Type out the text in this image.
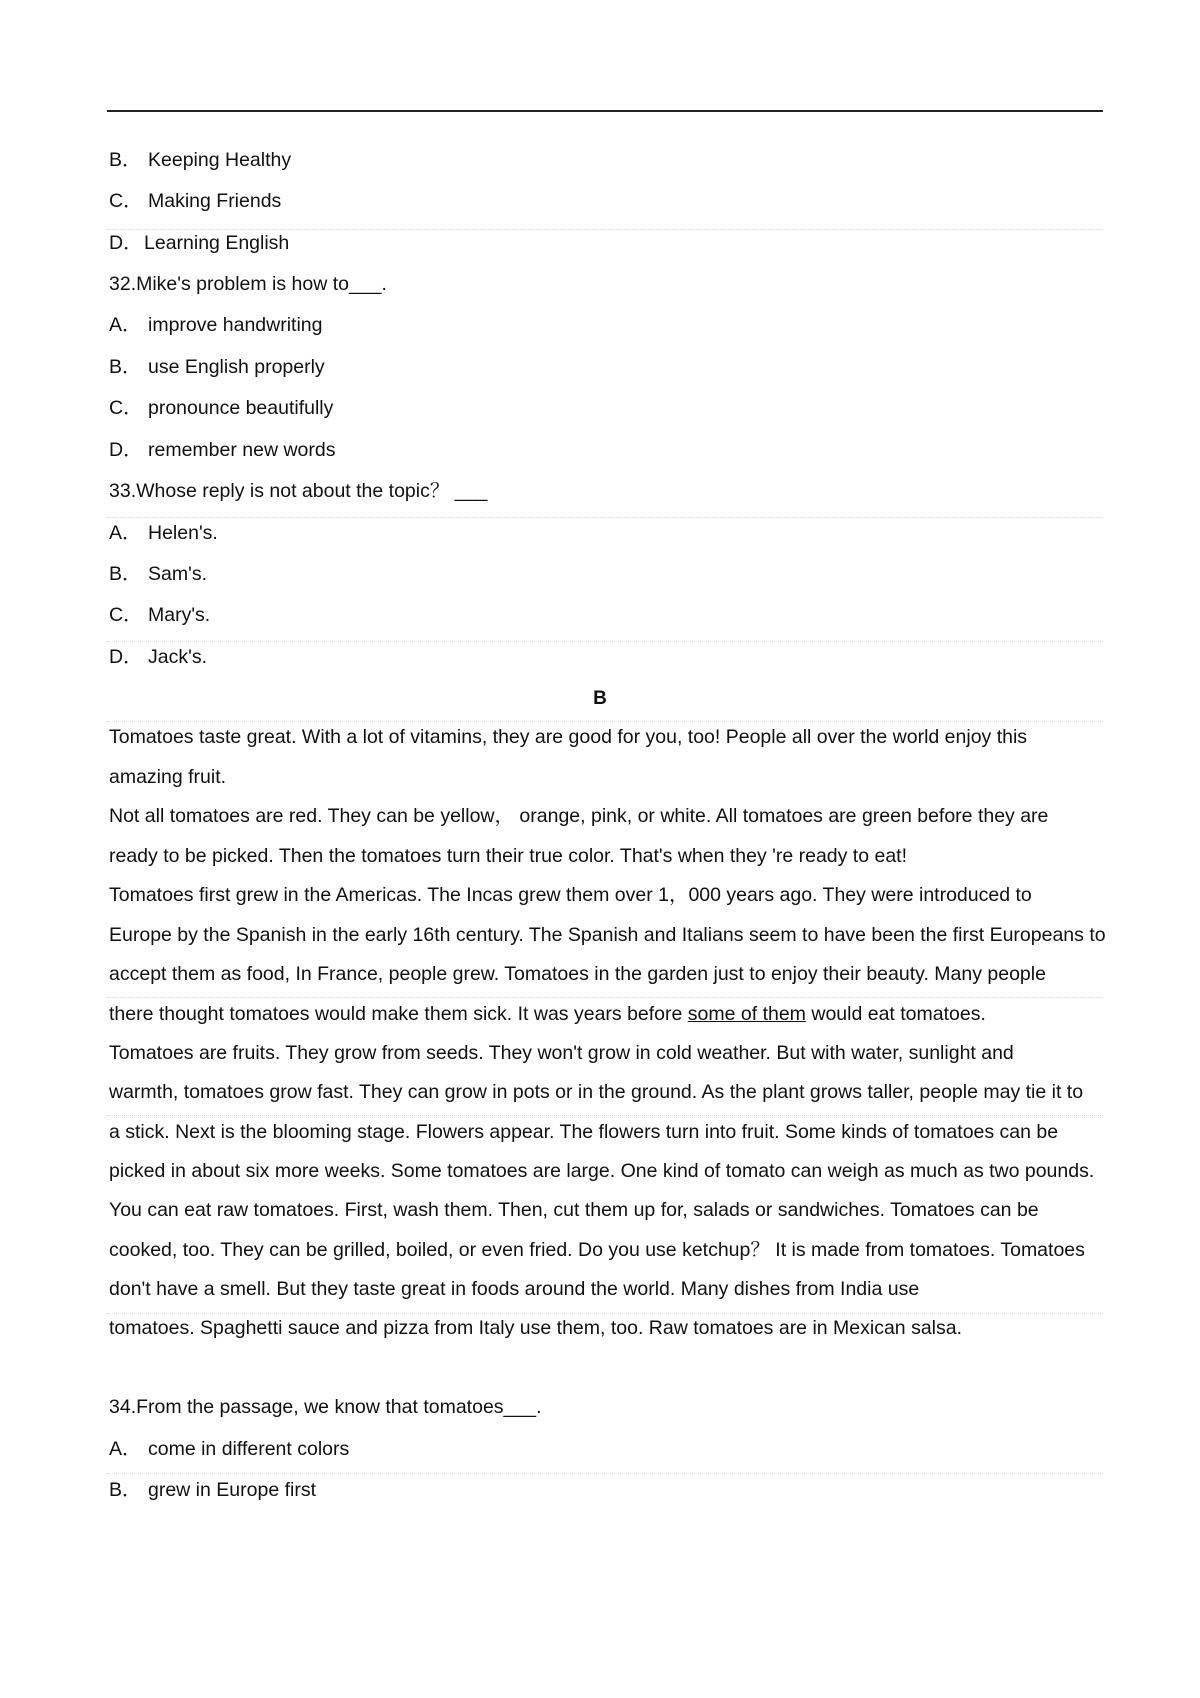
B． Keeping Healthy
C． Making Friends
D．Learning English
32.Mike's problem is how to___.
A． improve handwriting
B． use English properly
C． pronounce beautifully
D． remember new words
33.Whose reply is not about the topic？ ___
A． Helen's.
B． Sam's.
C． Mary's.
D． Jack's.
B
Tomatoes taste great. With a lot of vitamins, they are good for you, too! People all over the world enjoy this
amazing fruit.
Not all tomatoes are red. They can be yellow， orange, pink, or white. All tomatoes are green before they are
ready to be picked. Then the tomatoes turn their true color. That's when they 're ready to eat!
Tomatoes first grew in the Americas. The Incas grew them over 1，000 years ago. They were introduced to
Europe by the Spanish in the early 16th century. The Spanish and Italians seem to have been the first Europeans to
accept them as food, In France, people grew. Tomatoes in the garden just to enjoy their beauty. Many people
there thought tomatoes would make them sick. It was years before some of them would eat tomatoes.
Tomatoes are fruits. They grow from seeds. They won't grow in cold weather. But with water, sunlight and
warmth, tomatoes grow fast. They can grow in pots or in the ground. As the plant grows taller, people may tie it to
a stick. Next is the blooming stage. Flowers appear. The flowers turn into fruit. Some kinds of tomatoes can be
picked in about six more weeks. Some tomatoes are large. One kind of tomato can weigh as much as two pounds.
You can eat raw tomatoes. First, wash them. Then, cut them up for, salads or sandwiches. Tomatoes can be
cooked, too. They can be grilled, boiled, or even fried. Do you use ketchup？ It is made from tomatoes. Tomatoes
don't have a smell. But they taste great in foods around the world. Many dishes from India use
tomatoes. Spaghetti sauce and pizza from Italy use them, too. Raw tomatoes are in Mexican salsa.
34.From the passage, we know that tomatoes___.
A． come in different colors
B． grew in Europe first
